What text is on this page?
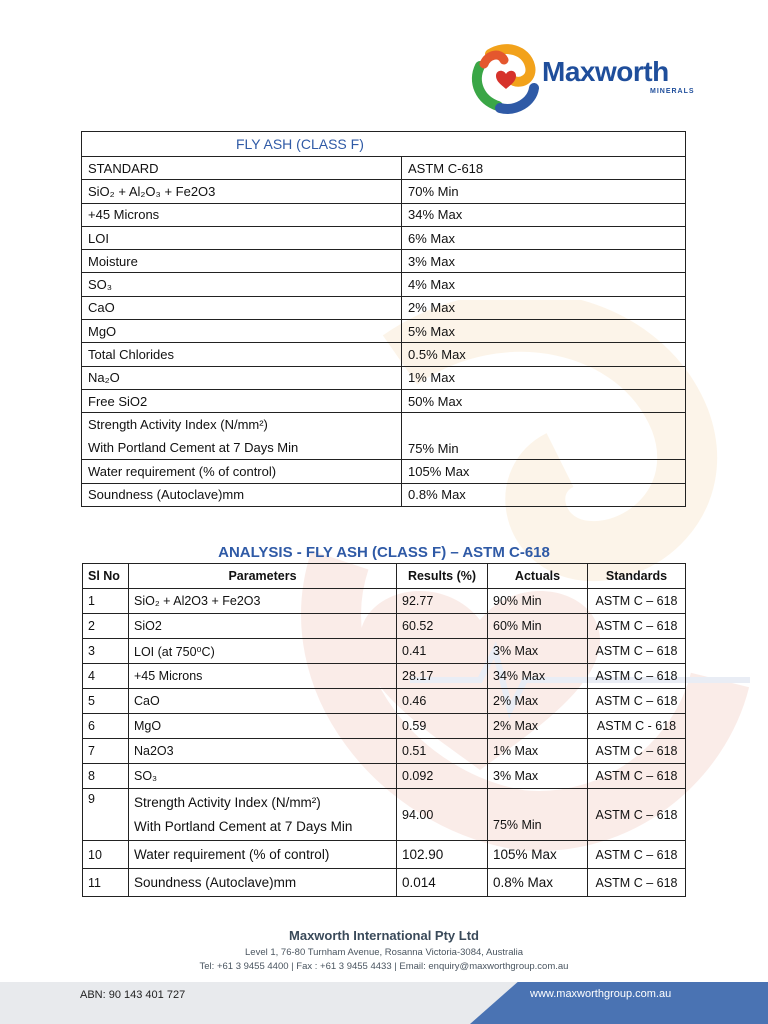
Maxworth
MINERALS
FLY ASH (CLASS F)	
STANDARD	ASTM C-618
SiO₂ + Al₂O₃ + Fe2O3	70% Min
+45 Microns	34% Max
LOI	6% Max
Moisture	3% Max
SO₃	4% Max
CaO	2% Max
MgO	5% Max
Total Chlorides	0.5% Max
Na₂O	1% Max
Free SiO2	50% Max

Strength Activity Index (N/mm²)
With Portland Cement at 7 Days Min	75% Min
Water requirement (% of control)	105% Max
Soundness (Autoclave)mm	0.8% Max
ANALYSIS - FLY ASH (CLASS F) – ASTM C-618
Sl No	Parameters	Results (%)	Actuals	Standards
1	SiO₂ + Al2O3 + Fe2O3	92.77	90% Min	ASTM C – 618
2	SiO2	60.52	60% Min	ASTM C – 618
3	LOI (at 750⁰C)	0.41	3% Max	ASTM C – 618
4	+45 Microns	28.17	34% Max	ASTM C – 618
5	CaO	0.46	2% Max	ASTM C – 618
6	MgO	0.59	2% Max	ASTM C - 618
7	Na2O3	0.51	1% Max	ASTM C – 618
8	SO₃	0.092	3% Max	ASTM C – 618
9	Strength Activity Index (N/mm²)
With Portland Cement at 7 Days Min	94.00	75% Min	ASTM C – 618
10	Water requirement (% of control)	102.90	105% Max	ASTM C – 618
11	Soundness (Autoclave)mm	0.014	0.8% Max	ASTM C – 618
Maxworth International Pty Ltd
Level 1, 76-80 Turnham Avenue, Rosanna Victoria-3084, Australia
Tel: +61 3 9455 4400 | Fax : +61 3 9455 4433 | Email: enquiry@maxworthgroup.com.au
ABN: 90 143 401 727	www.maxworthgroup.com.au
